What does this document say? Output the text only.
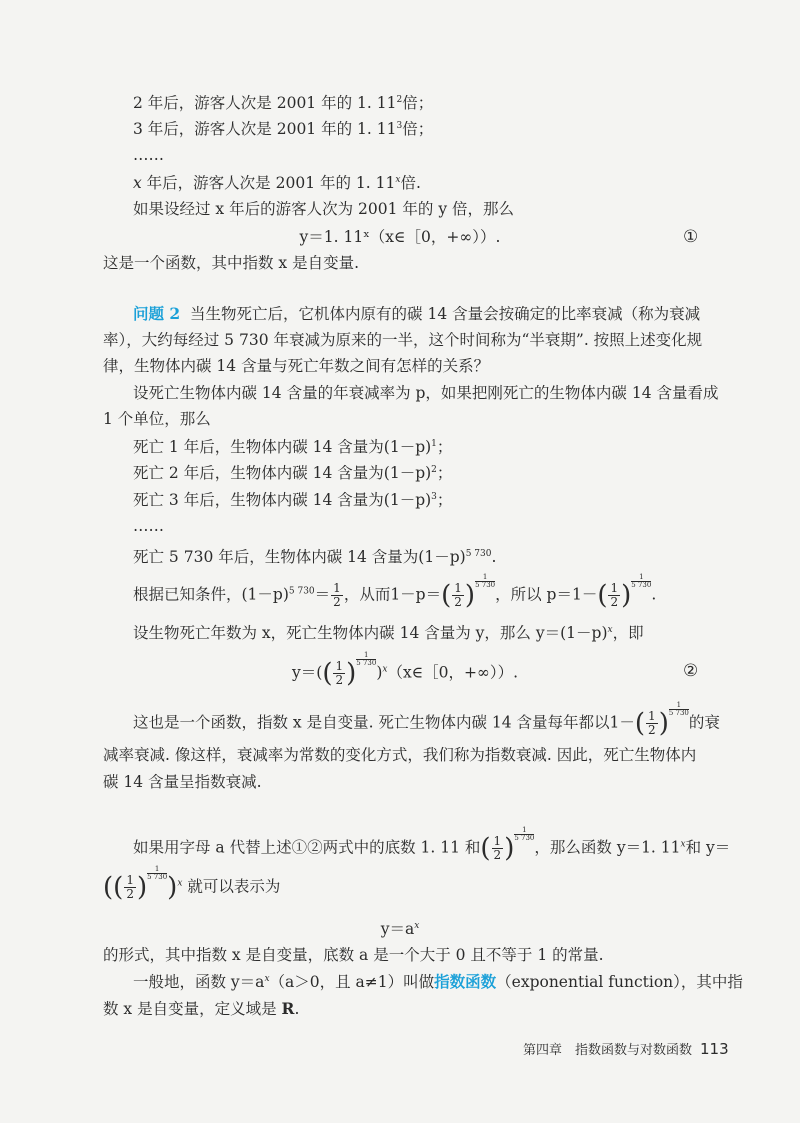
2 年后，游客人次是 2001 年的 1. $11^2$倍；
3 年后，游客人次是 2001 年的 1. $11^3$倍；
……
x 年后，游客人次是 2001 年的 1. 11$^x$倍.
如果设经过 x 年后的游客人次为 2001 年的 y 倍，那么
y＝1. 11ˣ（x∈［0，+∞））.	①
这是一个函数，其中指数 x 是自变量.
问题 2 当生物死亡后，它机体内原有的碳 14 含量会按确定的比率衰减（称为衰减
率），大约每经过 5 730 年衰减为原来的一半，这个时间称为“半衰期”. 按照上述变化规
律，生物体内碳 14 含量与死亡年数之间有怎样的关系？
设死亡生物体内碳 14 含量的年衰减率为 p，如果把刚死亡的生物体内碳 14 含量看成
1 个单位，那么
死亡 1 年后，生物体内碳 14 含量为$(1-p)^1$；
死亡 2 年后，生物体内碳 14 含量为$(1-p)^2$；
死亡 3 年后，生物体内碳 14 含量为$(1-p)^3$；
……
死亡 5 730 年后，生物体内碳 14 含量为$(1-p)^{5 730}$.
根据已知条件，$(1-p)^{5 730}= \frac{1}{2}$ ，从而$1-p=( \frac{1}{2}$ ) $\frac{1}{5 730}$，所以 $p=1-( \frac{1}{2}$ ) $\frac{1}{5 730}$.
设生物死亡年数为 x，死亡生物体内碳 14 含量为 y，那么 $y=(1-p)^x$，即
$y=(( \frac{1}{2}$ ) $\frac{1}{5 730})^x(x\in[0$，+∞））.	②
这也是一个函数，指数 x 是自变量. 死亡生物体内碳 14 含量每年都以$1-( \frac{1}{2}$ ) $\frac{1}{5 730}$的衰
减率衰减. 像这样，衰减率为常数的变化方式，我们称为指数衰减. 因此，死亡生物体内
碳 14 含量呈指数衰减.
如果用字母 a 代替上述①②两式中的底数 1. 11 和( $\frac{1}{2}$ ) $\frac{1}{5 730}$，那么函数 y＝1. 11$^x$和 y＝
(( $\frac{1}{2}$ ) $\frac{1}{5 730})^x$ 就可以表示为
$y=a^x$
的形式，其中指数 x 是自变量，底数 a 是一个大于 0 且不等于 1 的常量.
一般地，函数 $y=a^x(a>0$，且 a≠1）叫做指数函数（exponential function），其中指
数 x 是自变量，定义域是 R.
第四章　指数函数与对数函数 113
